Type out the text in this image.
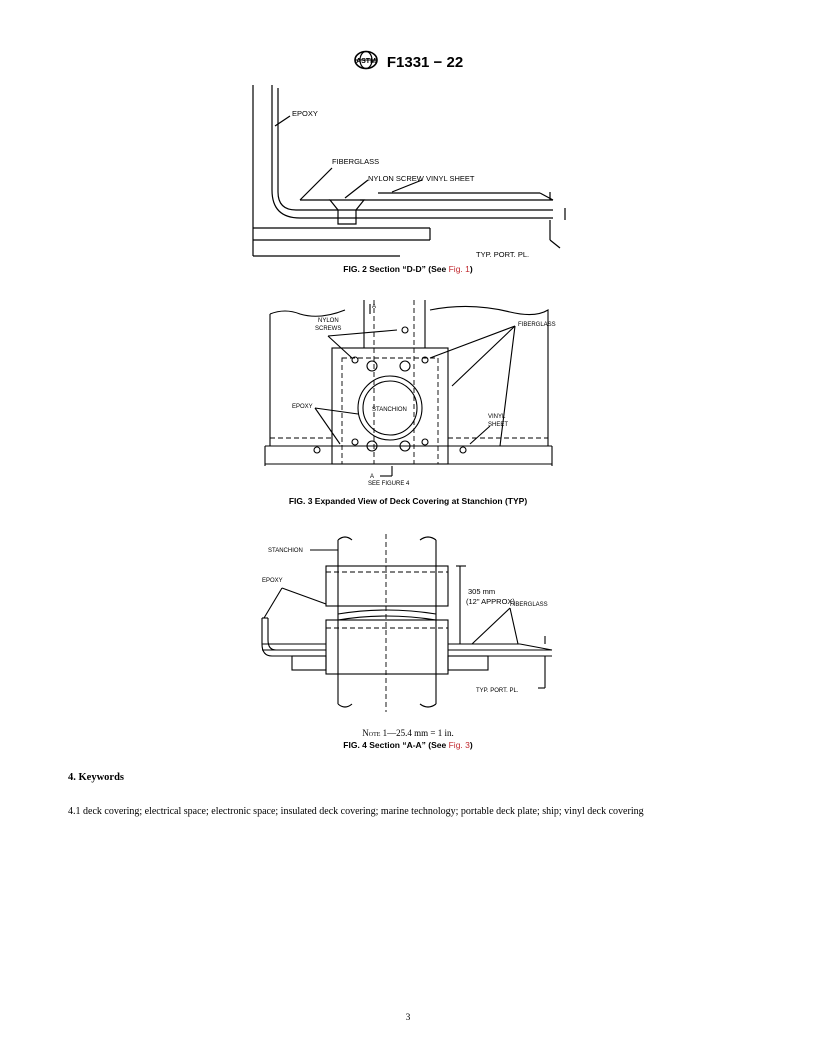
ASTM F1331 − 22
EPOXY
FIBERGLASS
NYLON SCREW VINYL SHEET
TYP. PORT. PL.
FIG. 2 Section “D-D” (See Fig. 1)
NYLON
SCREWS
FIBERGLASS
EPOXY	STANCHION
VINYL
SHEET
A
A
SEE FIGURE 4
FIG. 3 Expanded View of Deck Covering at Stanchion (TYP)
STANCHION
EPOXY
305 mm
(12" APPROX)
FIBERGLASS
TYP. PORT. PL.
Note 1—25.4 mm = 1 in.
FIG. 4 Section “A-A” (See Fig. 3)
4. Keywords
4.1 deck covering; electrical space; electronic space; insulated deck covering; marine technology; portable deck plate; ship; vinyl deck covering
3
